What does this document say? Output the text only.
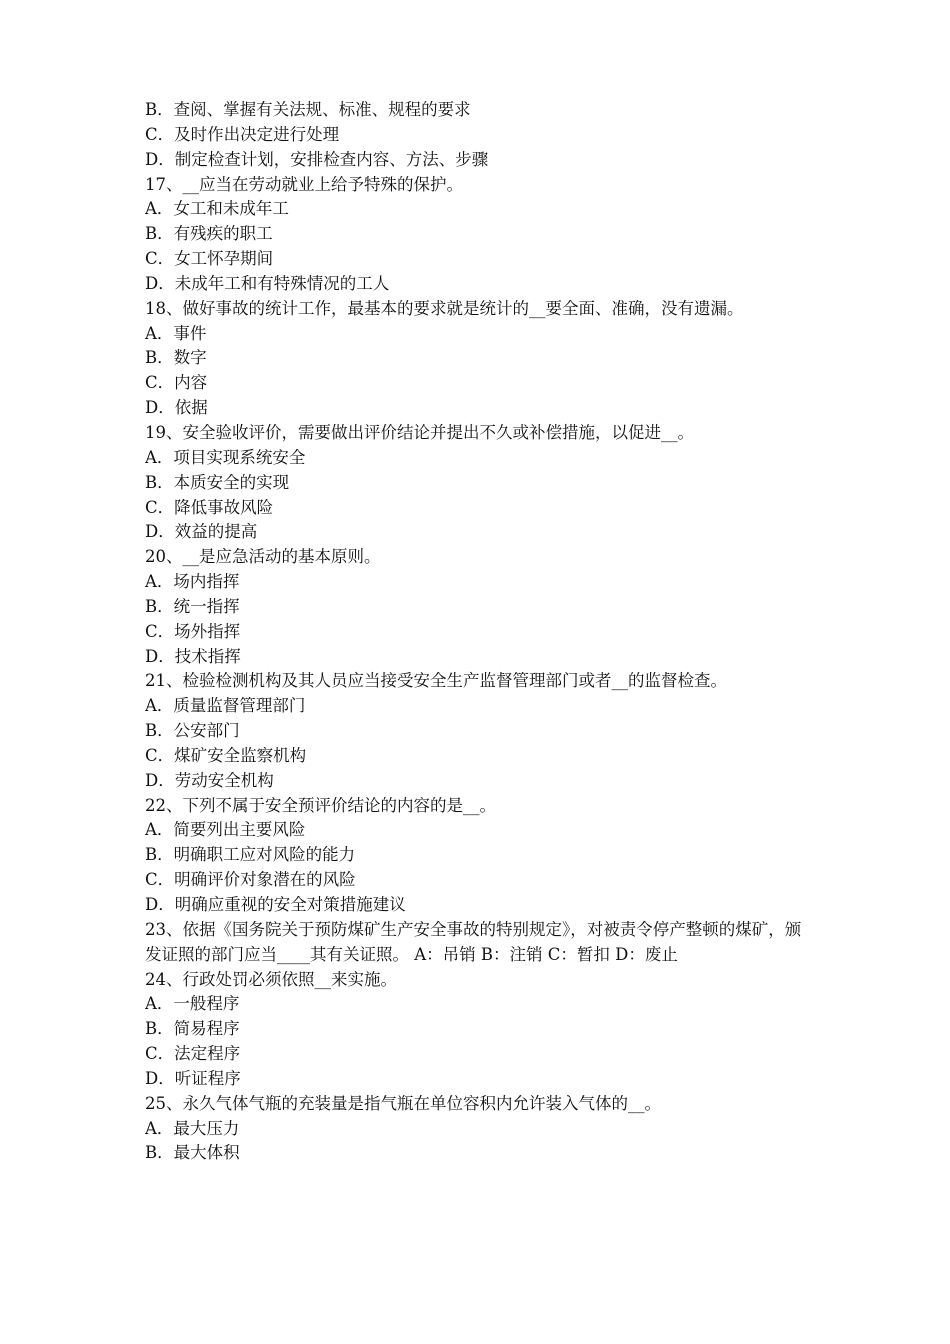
B．查阅、掌握有关法规、标准、规程的要求
C．及时作出决定进行处理
D．制定检查计划，安排检查内容、方法、步骤
17、__应当在劳动就业上给予特殊的保护。
A．女工和未成年工
B．有残疾的职工
C．女工怀孕期间
D．未成年工和有特殊情况的工人
18、做好事故的统计工作，最基本的要求就是统计的__要全面、准确，没有遗漏。
A．事件
B．数字
C．内容
D．依据
19、安全验收评价，需要做出评价结论并提出不久或补偿措施，以促进__。
A．项目实现系统安全
B．本质安全的实现
C．降低事故风险
D．效益的提高
20、__是应急活动的基本原则。
A．场内指挥
B．统一指挥
C．场外指挥
D．技术指挥
21、检验检测机构及其人员应当接受安全生产监督管理部门或者__的监督检查。
A．质量监督管理部门
B．公安部门
C．煤矿安全监察机构
D．劳动安全机构
22、下列不属于安全预评价结论的内容的是__。
A．简要列出主要风险
B．明确职工应对风险的能力
C．明确评价对象潜在的风险
D．明确应重视的安全对策措施建议
23、依据《国务院关于预防煤矿生产安全事故的特别规定》，对被责令停产整顿的煤矿，颁发证照的部门应当____其有关证照。 A：吊销 B：注销 C：暂扣 D：废止
24、行政处罚必须依照__来实施。
A．一般程序
B．简易程序
C．法定程序
D．听证程序
25、永久气体气瓶的充装量是指气瓶在单位容积内允许装入气体的__。
A．最大压力
B．最大体积
